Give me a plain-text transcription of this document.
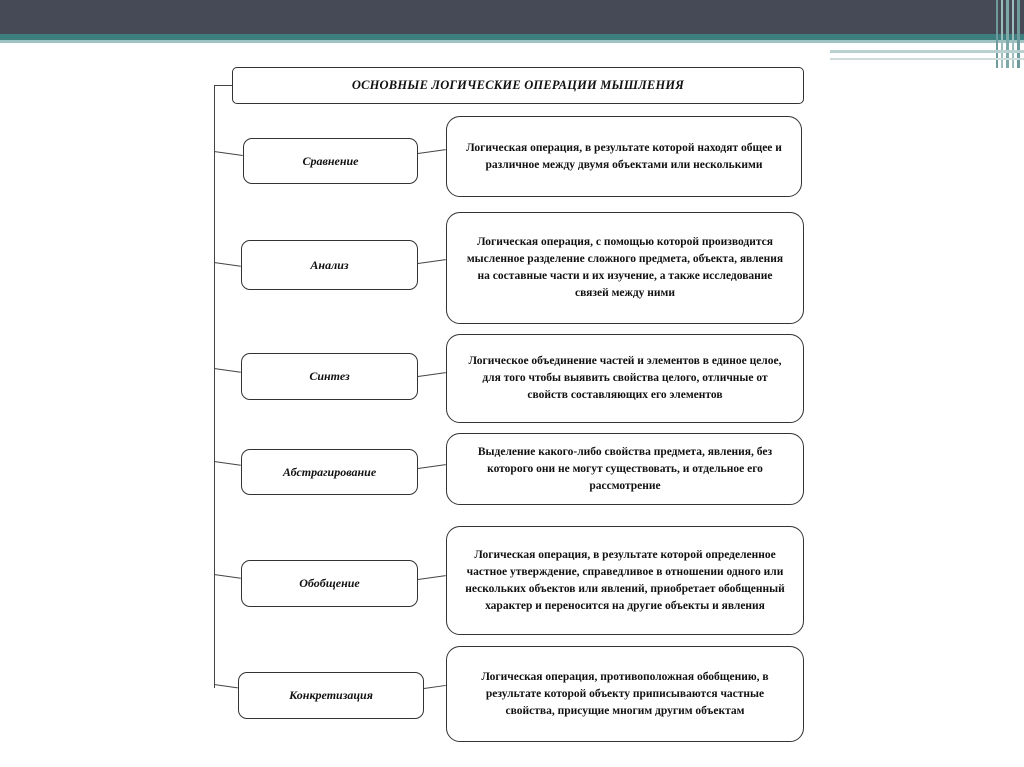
ОСНОВНЫЕ ЛОГИЧЕСКИЕ ОПЕРАЦИИ МЫШЛЕНИЯ
Сравнение
Логическая операция, в результате которой находят общее и различное между двумя объектами или несколькими
Анализ
Логическая операция, с помощью которой производится мысленное разделение сложного предмета, объекта, явления на составные части и их изучение, а также исследование связей между ними
Синтез
Логическое объединение частей и элементов в единое целое, для того чтобы выявить свойства целого, отличные от свойств составляющих его элементов
Абстрагирование
Выделение какого-либо свойства предмета, явления, без которого они не могут существовать, и отдельное его рассмотрение
Обобщение
Логическая операция, в результате которой определенное частное утверждение, справедливое в отношении одного или нескольких объектов или явлений, приобретает обобщенный характер и переносится на другие объекты и явления
Конкретизация
Логическая операция, противоположная обобщению, в результате которой объекту приписываются частные свойства, присущие многим другим объектам
